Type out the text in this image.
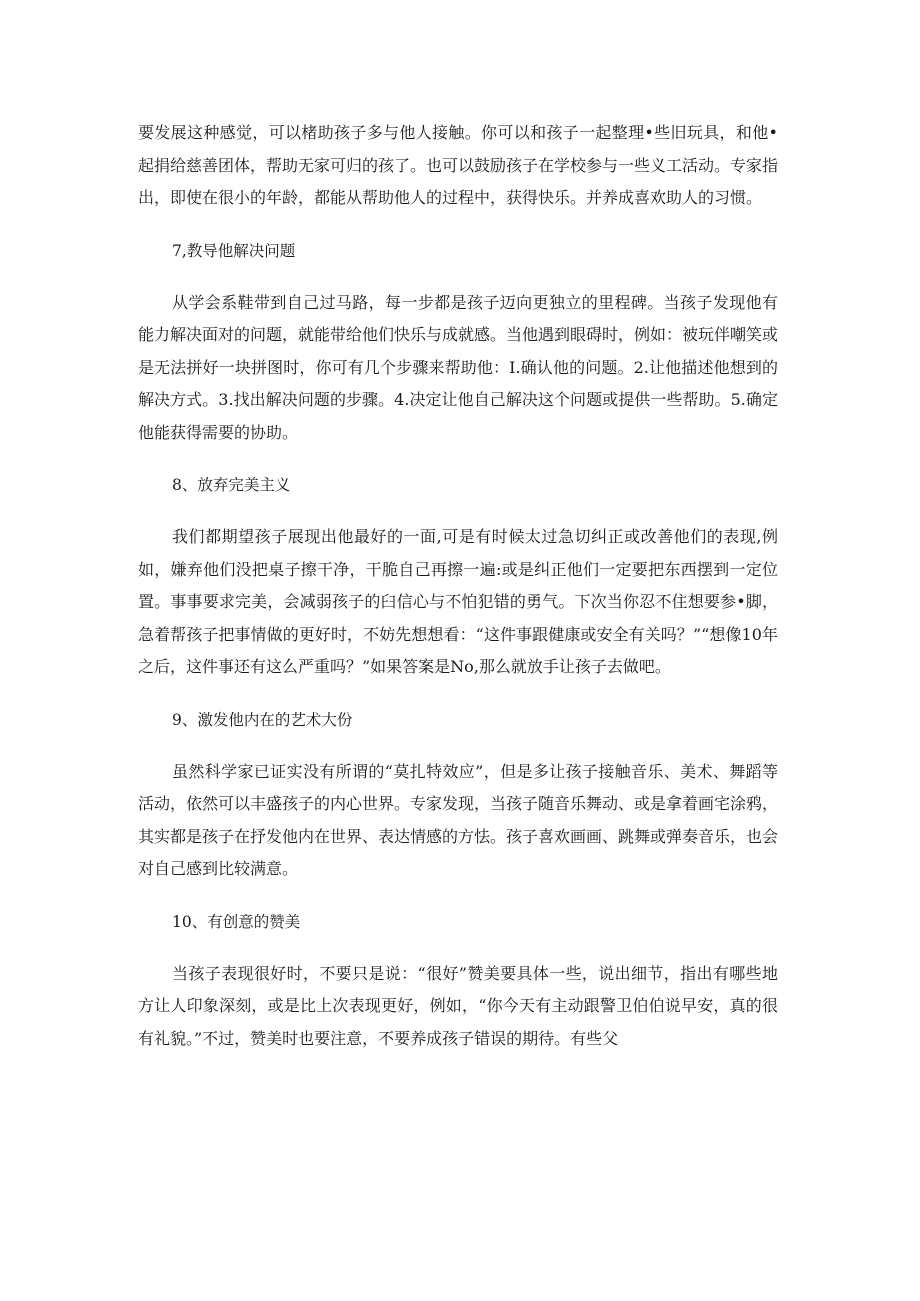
要发展这种感觉，可以楮助孩子多与他人接触。你可以和孩子一起整理•些旧玩具，和他•起捐给慈善团体，帮助无家可归的孩了。也可以鼓励孩子在学校参与一些义工活动。专家指出，即使在很小的年龄，都能从帮助他人的过程中，获得快乐。并养成喜欢助人的习惯。

7,教导他解决问题

从学会系鞋带到自己过马路，每一步都是孩子迈向更独立的里程碑。当孩子发现他有能力解决面对的问题，就能带给他们快乐与成就感。当他遇到眼碍时，例如：被玩伴嘲笑或是无法拼好一块拼图时，你可有几个步骤来帮助他：I.确认他的问题。2.让他描述他想到的解决方式。3.找出解决问题的步骤。4.决定让他自己解决这个问题或提供一些帮助。5.确定他能获得需要的协助。

8、放弃完美主义

我们都期望孩子展现出他最好的一面,可是有时候太过急切纠正或改善他们的表现,例如，嫌弃他们没把桌子擦干净，干脆自己再擦一遍:或是纠正他们一定要把东西摆到一定位置。事事要求完美，会减弱孩子的臼信心与不怕犯错的勇气。下次当你忍不住想要参•脚，急着帮孩子把事情做的更好时，不妨先想想看：“这件事跟健康或安全有关吗？”“想像10年之后，这件事还有这么严重吗？”如果答案是No,那么就放手让孩子去做吧。

9、激发他内在的艺术大份

虽然科学家已证实没有所谓的“莫扎特效应”，但是多让孩子接触音乐、美术、舞蹈等活动，依然可以丰盛孩子的内心世界。专家发现，当孩子随音乐舞动、或是拿着画宅涂鸦，其实都是孩子在抒发他内在世界、表达情感的方怯。孩子喜欢画画、跳舞或弹奏音乐，也会对自己感到比较满意。

10、有创意的赞美

当孩子表现很好时，不要只是说：“很好”赞美要具体一些，说出细节，指出有哪些地方让人印象深刻，或是比上次表现更好，例如，“你今天有主动跟警卫伯伯说早安，真的很有礼貌。”不过，赞美时也要注意，不要养成孩子错误的期待。有些父
